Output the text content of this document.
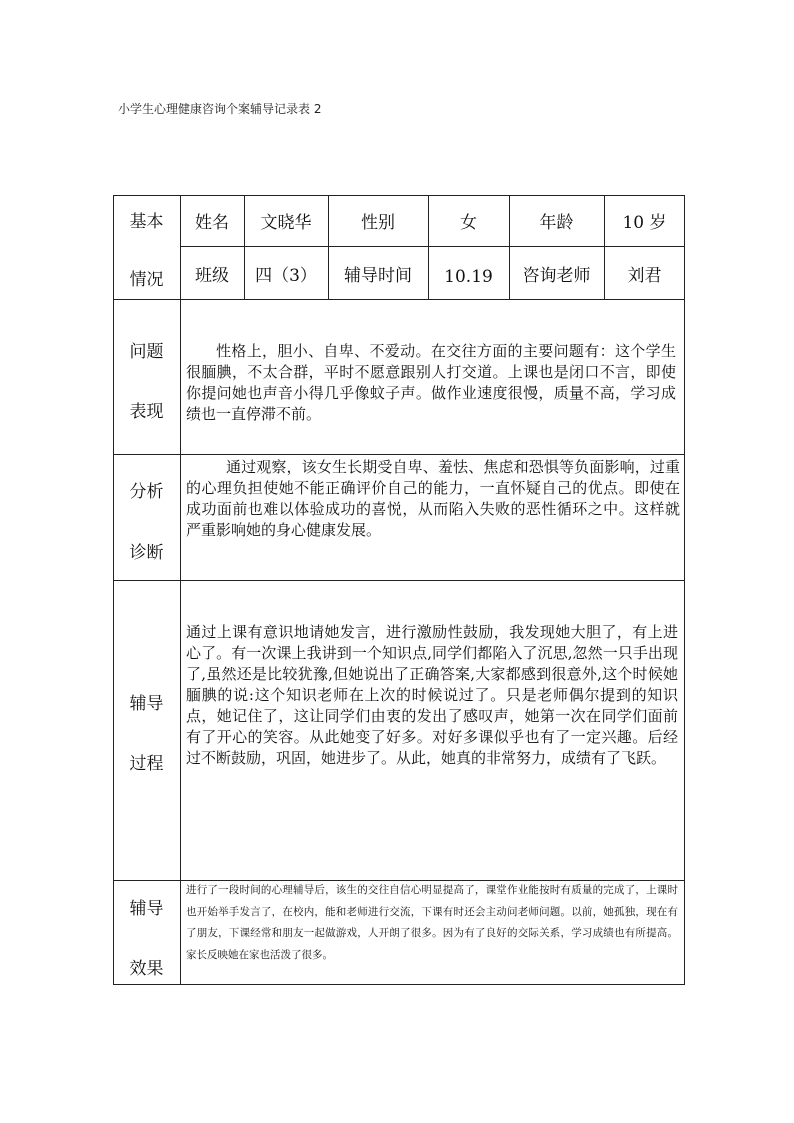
小学生心理健康咨询个案辅导记录表 2
基本
情况
姓名	文晓华	性别	女	年龄	10 岁
班级	四（3）	辅导时间	10.19	咨询老师	刘君
问题
表现
性格上，胆小、自卑、不爱动。在交往方面的主要问题有：这个学生很腼腆，不太合群，平时不愿意跟别人打交道。上课也是闭口不言，即使你提问她也声音小得几乎像蚊子声。做作业速度很慢，质量不高，学习成绩也一直停滞不前。
分析
诊断
通过观察，该女生长期受自卑、羞怯、焦虑和恐惧等负面影响，过重的心理负担使她不能正确评价自己的能力，一直怀疑自己的优点。即使在成功面前也难以体验成功的喜悦，从而陷入失败的恶性循环之中。这样就严重影响她的身心健康发展。
辅导
过程
通过上课有意识地请她发言，进行激励性鼓励，我发现她大胆了，有上进心了。有一次课上我讲到一个知识点,同学们都陷入了沉思,忽然一只手出现了,虽然还是比较犹豫,但她说出了正确答案,大家都感到很意外,这个时候她腼腆的说:这个知识老师在上次的时候说过了。只是老师偶尔提到的知识点，她记住了，这让同学们由衷的发出了感叹声，她第一次在同学们面前有了开心的笑容。从此她变了好多。对好多课似乎也有了一定兴趣。后经过不断鼓励，巩固，她进步了。从此，她真的非常努力，成绩有了飞跃。
辅导
效果
进行了一段时间的心理辅导后，该生的交往自信心明显提高了，课堂作业能按时有质量的完成了，上课时也开始举手发言了，在校内，能和老师进行交流，下课有时还会主动问老师问题。以前，她孤独，现在有了朋友，下课经常和朋友一起做游戏，人开朗了很多。因为有了良好的交际关系，学习成绩也有所提高。家长反映她在家也活泼了很多。
